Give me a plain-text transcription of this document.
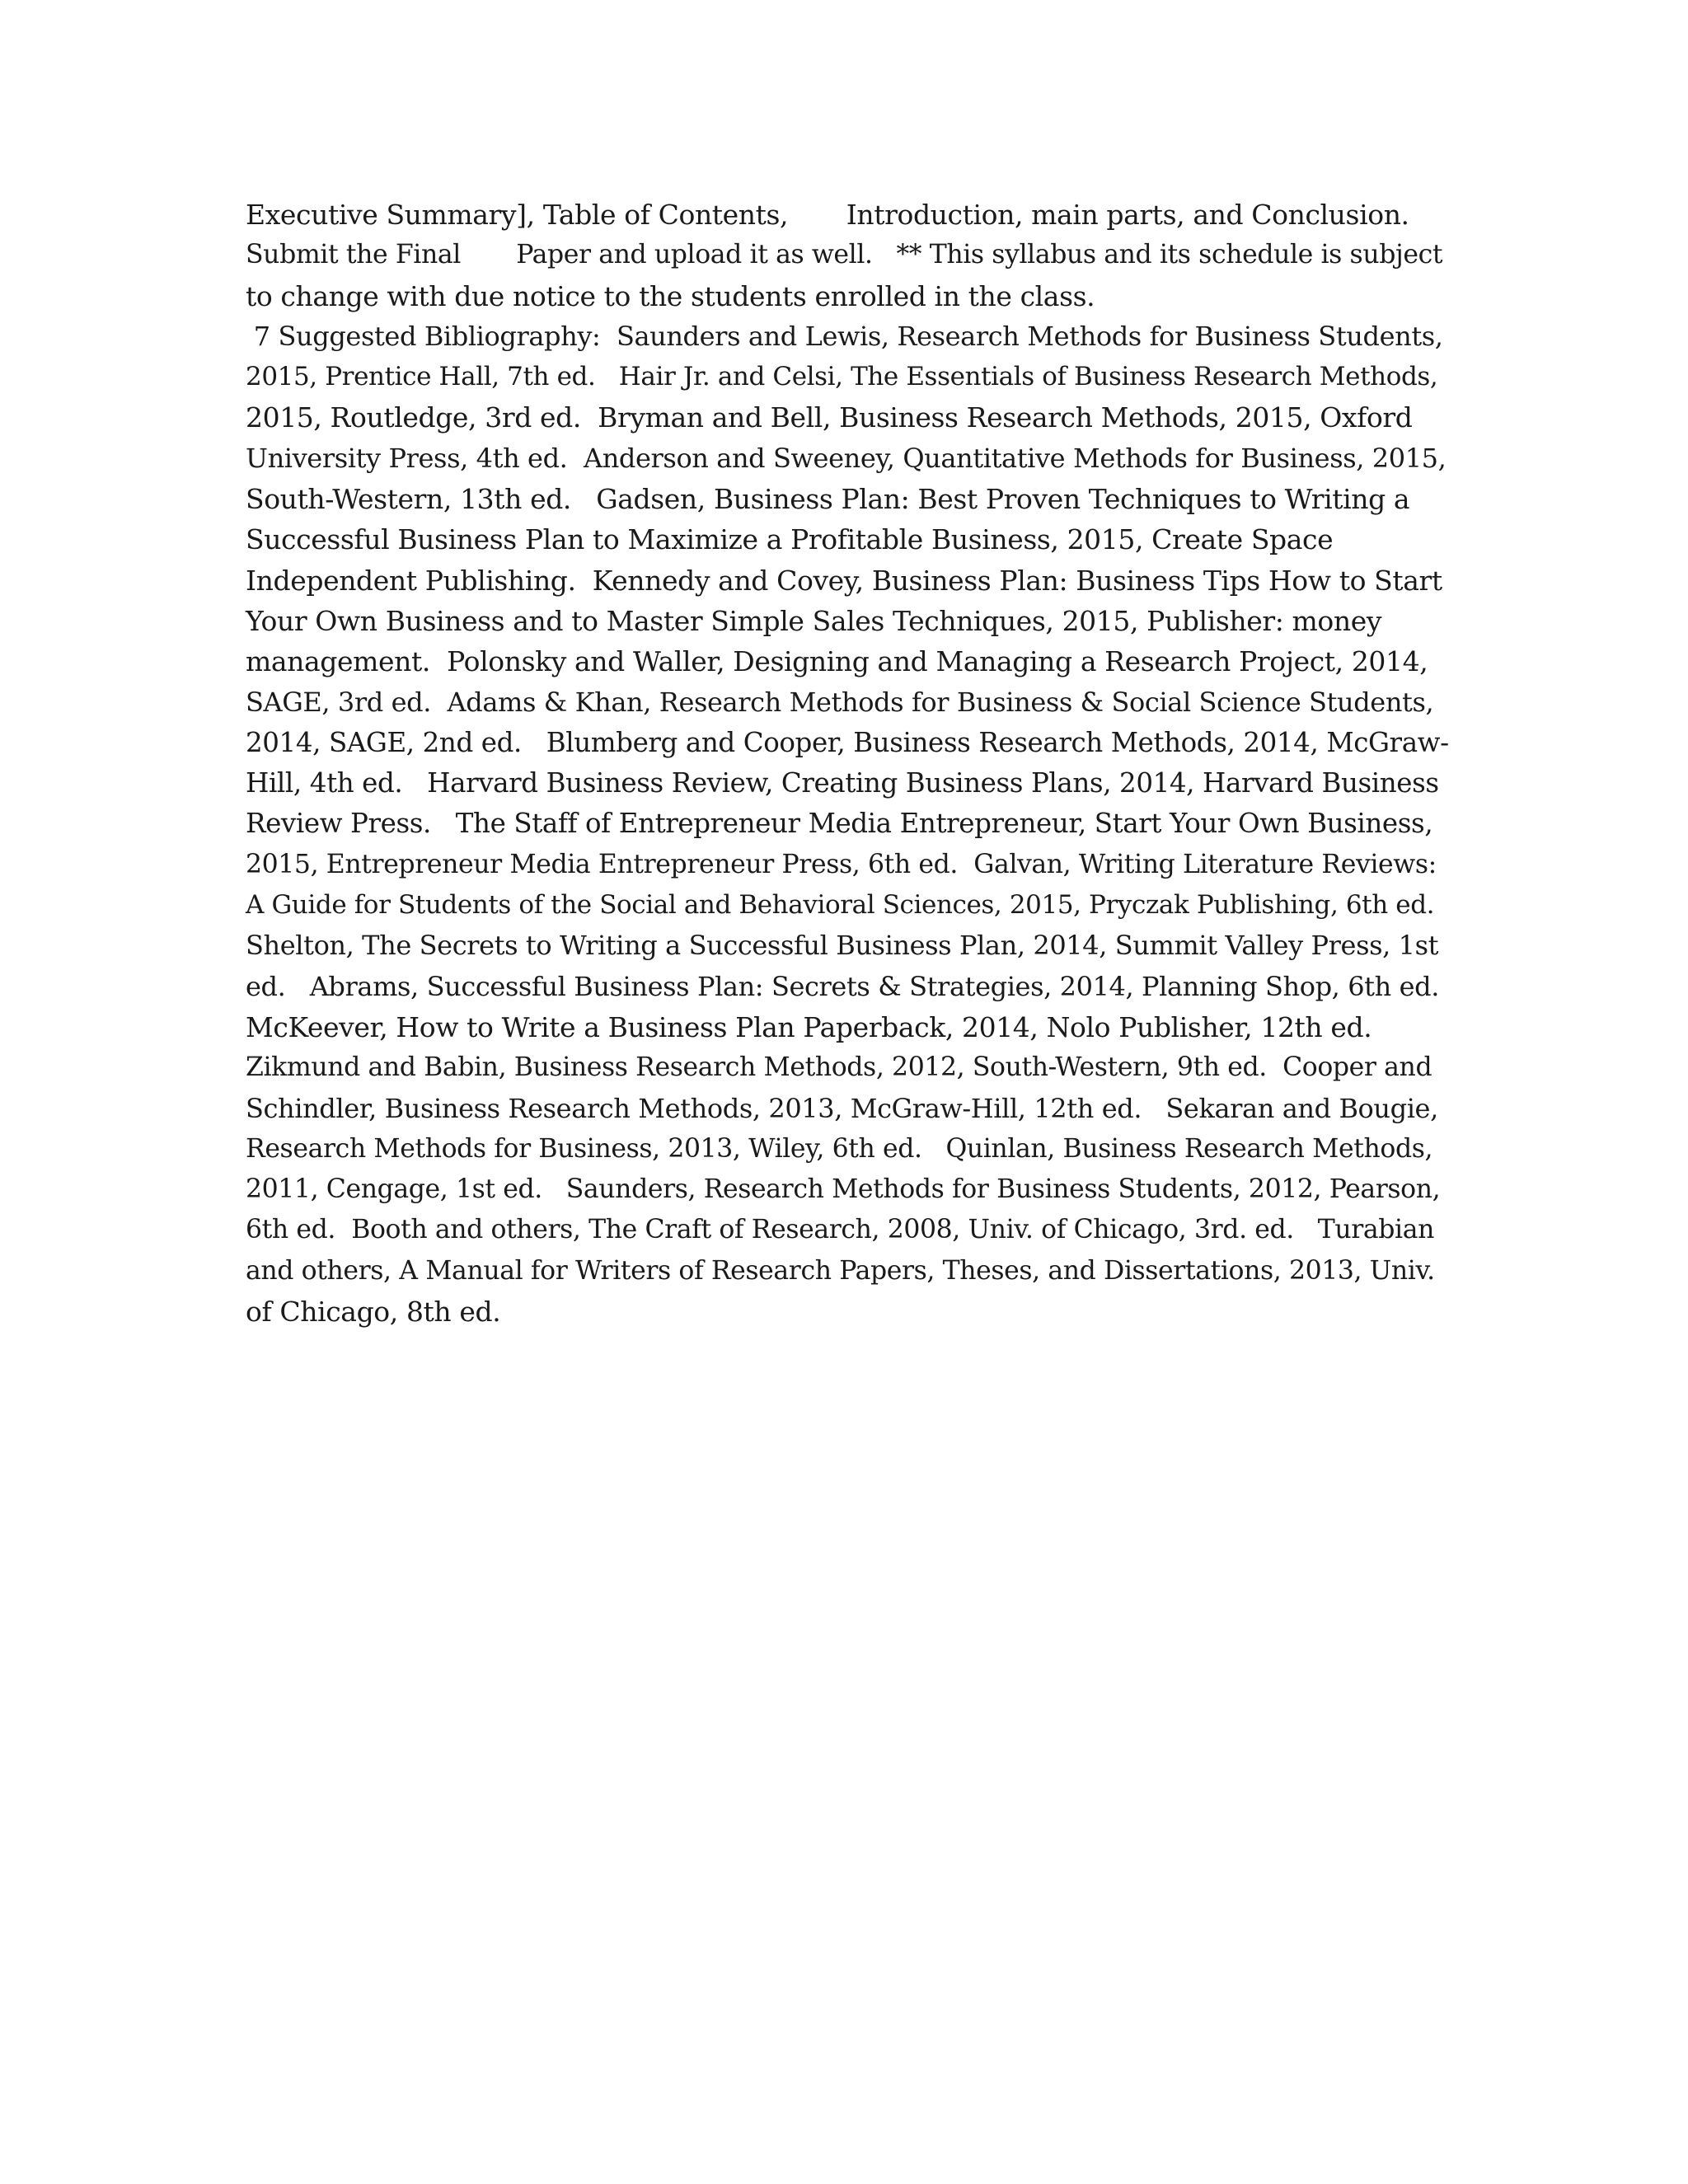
Executive Summary], Table of Contents,       Introduction, main parts, and Conclusion.
Submit the Final       Paper and upload it as well.   ** This syllabus and its schedule is subject
to change with due notice to the students enrolled in the class.
7 Suggested Bibliography:  Saunders and Lewis, Research Methods for Business Students,
2015, Prentice Hall, 7th ed.   Hair Jr. and Celsi, The Essentials of Business Research Methods,
2015, Routledge, 3rd ed.  Bryman and Bell, Business Research Methods, 2015, Oxford
University Press, 4th ed.  Anderson and Sweeney, Quantitative Methods for Business, 2015,
South-Western, 13th ed.   Gadsen, Business Plan: Best Proven Techniques to Writing a
Successful Business Plan to Maximize a Profitable Business, 2015, Create Space
Independent Publishing.  Kennedy and Covey, Business Plan: Business Tips How to Start
Your Own Business and to Master Simple Sales Techniques, 2015, Publisher: money
management.  Polonsky and Waller, Designing and Managing a Research Project, 2014,
SAGE, 3rd ed.  Adams & Khan, Research Methods for Business & Social Science Students,
2014, SAGE, 2nd ed.   Blumberg and Cooper, Business Research Methods, 2014, McGraw-
Hill, 4th ed.   Harvard Business Review, Creating Business Plans, 2014, Harvard Business
Review Press.   The Staff of Entrepreneur Media Entrepreneur, Start Your Own Business,
2015, Entrepreneur Media Entrepreneur Press, 6th ed.  Galvan, Writing Literature Reviews:
A Guide for Students of the Social and Behavioral Sciences, 2015, Pryczak Publishing, 6th ed.
Shelton, The Secrets to Writing a Successful Business Plan, 2014, Summit Valley Press, 1st
ed.   Abrams, Successful Business Plan: Secrets & Strategies, 2014, Planning Shop, 6th ed.
McKeever, How to Write a Business Plan Paperback, 2014, Nolo Publisher, 12th ed.
Zikmund and Babin, Business Research Methods, 2012, South-Western, 9th ed.  Cooper and
Schindler, Business Research Methods, 2013, McGraw-Hill, 12th ed.   Sekaran and Bougie,
Research Methods for Business, 2013, Wiley, 6th ed.   Quinlan, Business Research Methods,
2011, Cengage, 1st ed.   Saunders, Research Methods for Business Students, 2012, Pearson,
6th ed.  Booth and others, The Craft of Research, 2008, Univ. of Chicago, 3rd. ed.   Turabian
and others, A Manual for Writers of Research Papers, Theses, and Dissertations, 2013, Univ.
of Chicago, 8th ed.
